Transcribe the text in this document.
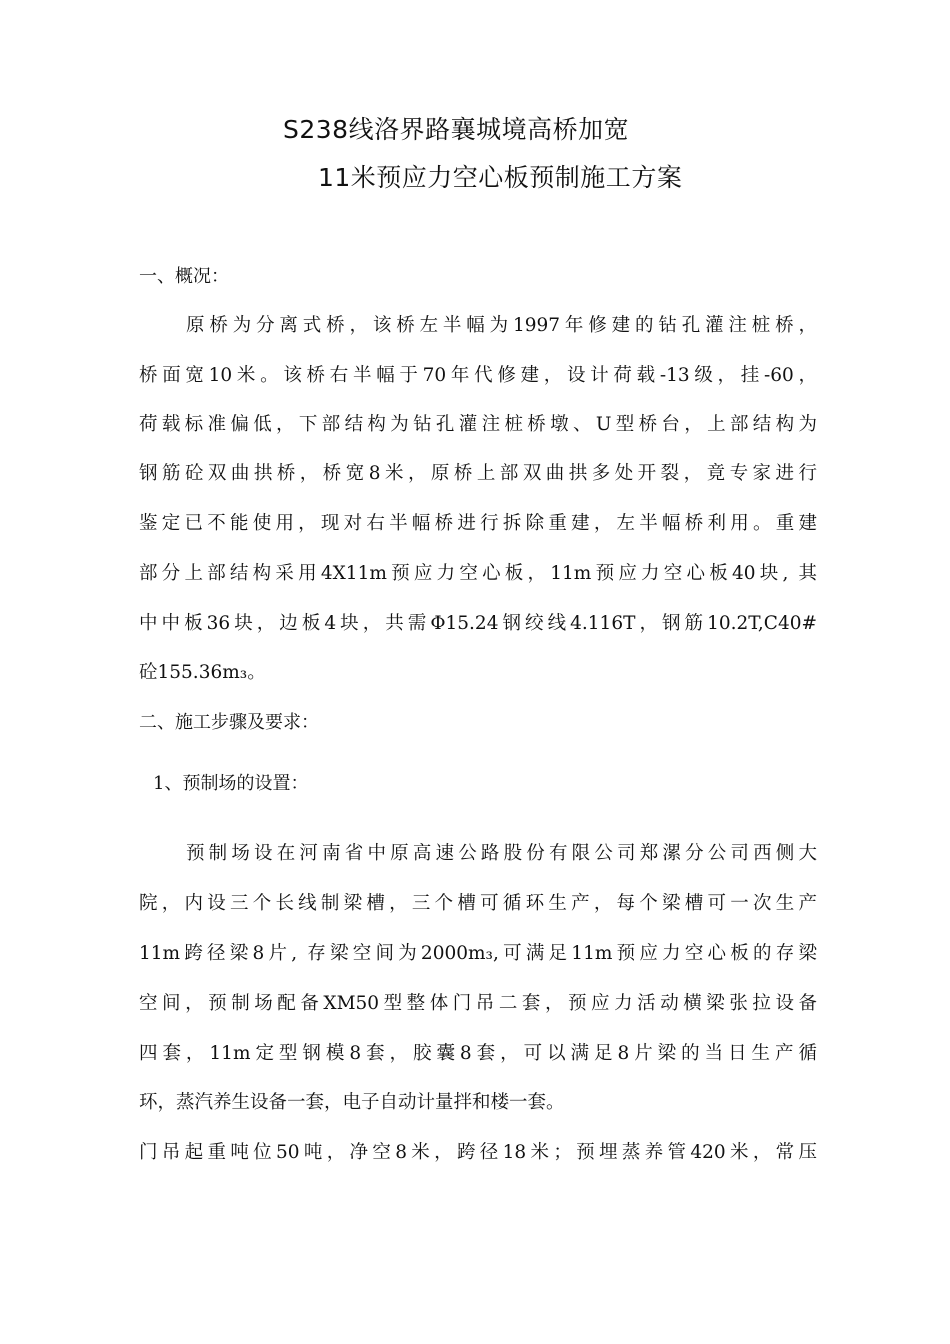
S238线洛界路襄城境高桥加宽
11米预应力空心板预制施工方案
一、概况：
原桥为分离式桥，该桥左半幅为1997年修建的钻孔灌注桩桥，
桥面宽10米。该桥右半幅于70年代修建，设计荷载-13级，挂-60，
荷载标准偏低，下部结构为钻孔灌注桩桥墩、U型桥台，上部结构为
钢筋砼双曲拱桥，桥宽8米，原桥上部双曲拱多处开裂，竟专家进行
鉴定已不能使用，现对右半幅桥进行拆除重建，左半幅桥利用。重建
部分上部结构采用4X11m预应力空心板，11m预应力空心板40块, 其
中中板36块，边板4块，共需Φ15.24钢绞线4.116T，钢筋10.2T,C40#
砼155.36m₃。
二、施工步骤及要求：
1、预制场的设置：
预制场设在河南省中原高速公路股份有限公司郑漯分公司西侧大
院，内设三个长线制梁槽，三个槽可循环生产，每个梁槽可一次生产
11m跨径梁8片, 存梁空间为2000m₃,可满足11m预应力空心板的存梁
空间，预制场配备XM50型整体门吊二套，预应力活动横梁张拉设备
四套，11m定型钢模8套，胶囊8套，可以满足8片梁的当日生产循
环，蒸汽养生设备一套，电子自动计量拌和楼一套。
门吊起重吨位50吨，净空8米，跨径18米；预埋蒸养管420米，常压
